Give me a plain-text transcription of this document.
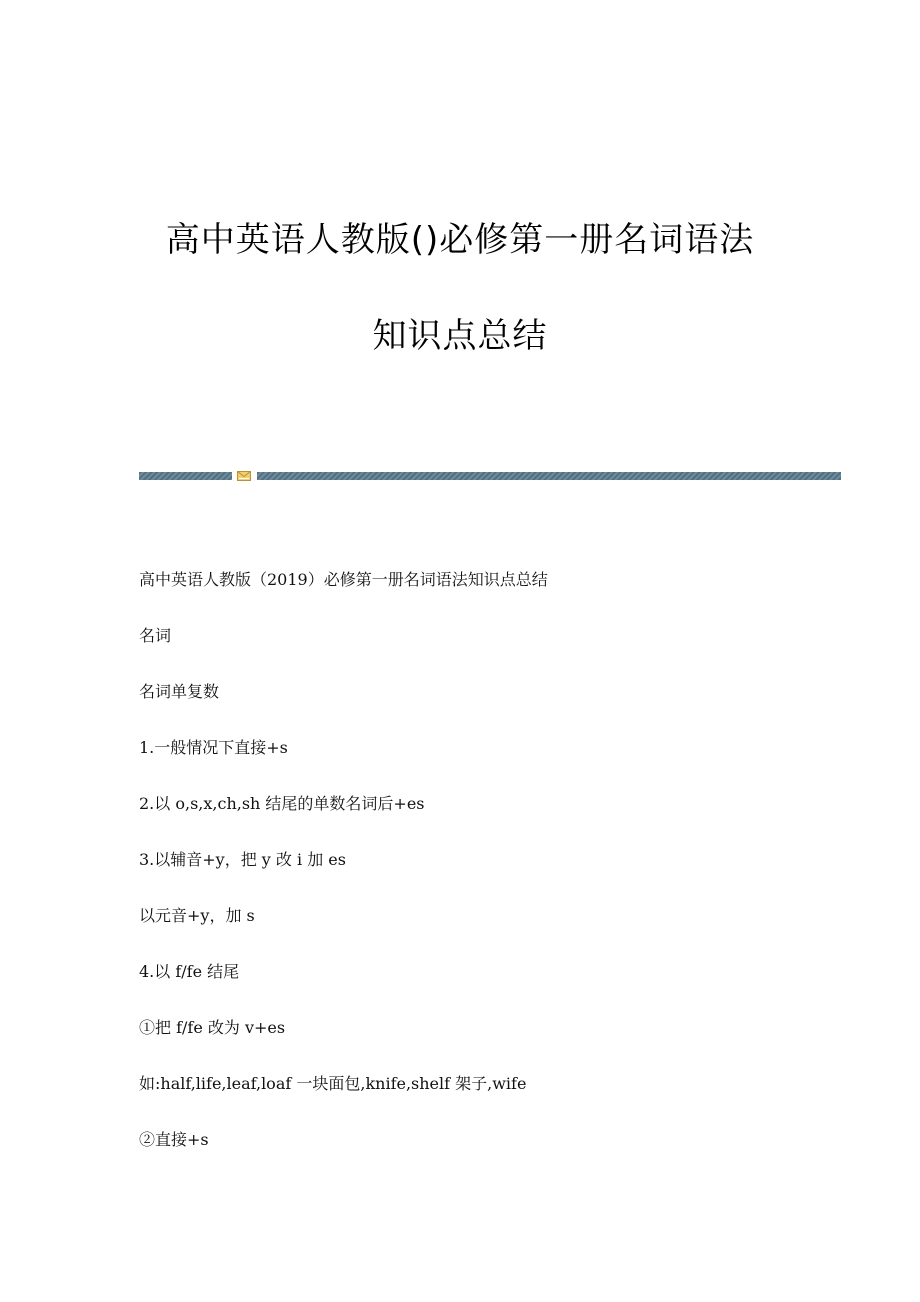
高中英语人教版()必修第一册名词语法
知识点总结
高中英语人教版（2019）必修第一册名词语法知识点总结
名词
名词单复数
1.一般情况下直接+s
2.以 o,s,x,ch,sh 结尾的单数名词后+es
3.以辅音+y，把 y 改 i 加 es
以元音+y，加 s
4.以 f/fe 结尾
①把 f/fe 改为 v+es
如:half,life,leaf,loaf 一块面包,knife,shelf 架子,wife
②直接+s
